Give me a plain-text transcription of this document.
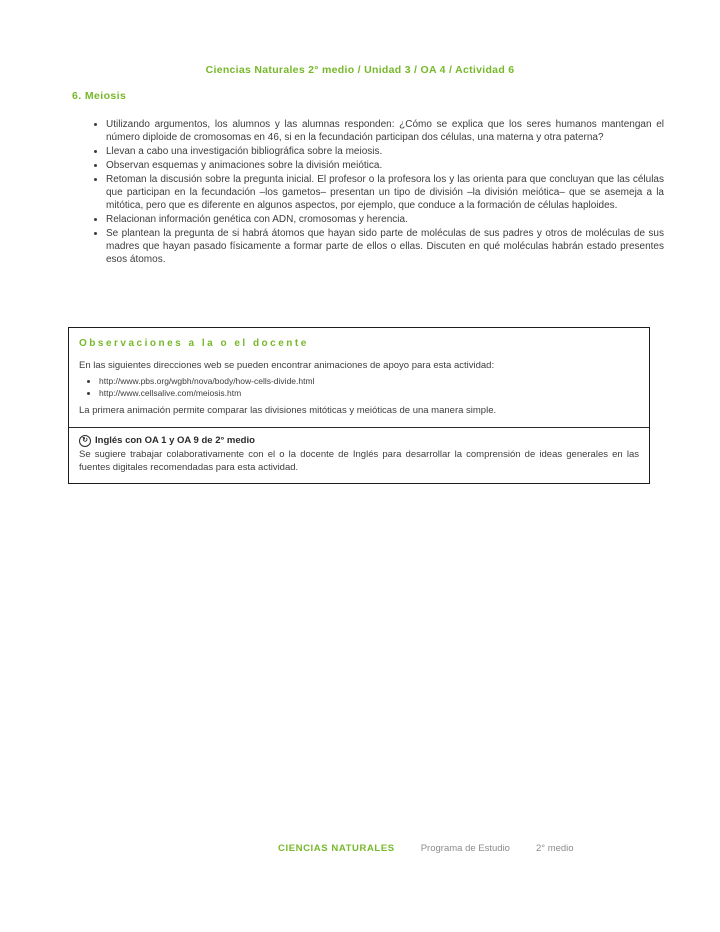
Ciencias Naturales 2° medio / Unidad 3 / OA 4 / Actividad 6
6. Meiosis
• Utilizando argumentos, los alumnos y las alumnas responden: ¿Cómo se explica que los seres humanos mantengan el número diploide de cromosomas en 46, si en la fecundación participan dos células, una materna y otra paterna?
• Llevan a cabo una investigación bibliográfica sobre la meiosis.
• Observan esquemas y animaciones sobre la división meiótica.
• Retoman la discusión sobre la pregunta inicial. El profesor o la profesora los y las orienta para que concluyan que las células que participan en la fecundación –los gametos– presentan un tipo de división –la división meiótica– que se asemeja a la mitótica, pero que es diferente en algunos aspectos, por ejemplo, que conduce a la formación de células haploides.
• Relacionan información genética con ADN, cromosomas y herencia.
• Se plantean la pregunta de si habrá átomos que hayan sido parte de moléculas de sus padres y otros de moléculas de sus madres que hayan pasado físicamente a formar parte de ellos o ellas. Discuten en qué moléculas habrán estado presentes esos átomos.
Observaciones a la o el docente

En las siguientes direcciones web se pueden encontrar animaciones de apoyo para esta actividad:

• http://www.pbs.org/wgbh/nova/body/how-cells-divide.html
• http://www.cellsalive.com/meiosis.htm

La primera animación permite comparar las divisiones mitóticas y meióticas de una manera simple.

↻ Inglés con OA 1 y OA 9 de 2° medio

Se sugiere trabajar colaborativamente con el o la docente de Inglés para desarrollar la comprensión de ideas generales en las fuentes digitales recomendadas para esta actividad.

CIENCIAS NATURALES	Programa de Estudio	2° medio
